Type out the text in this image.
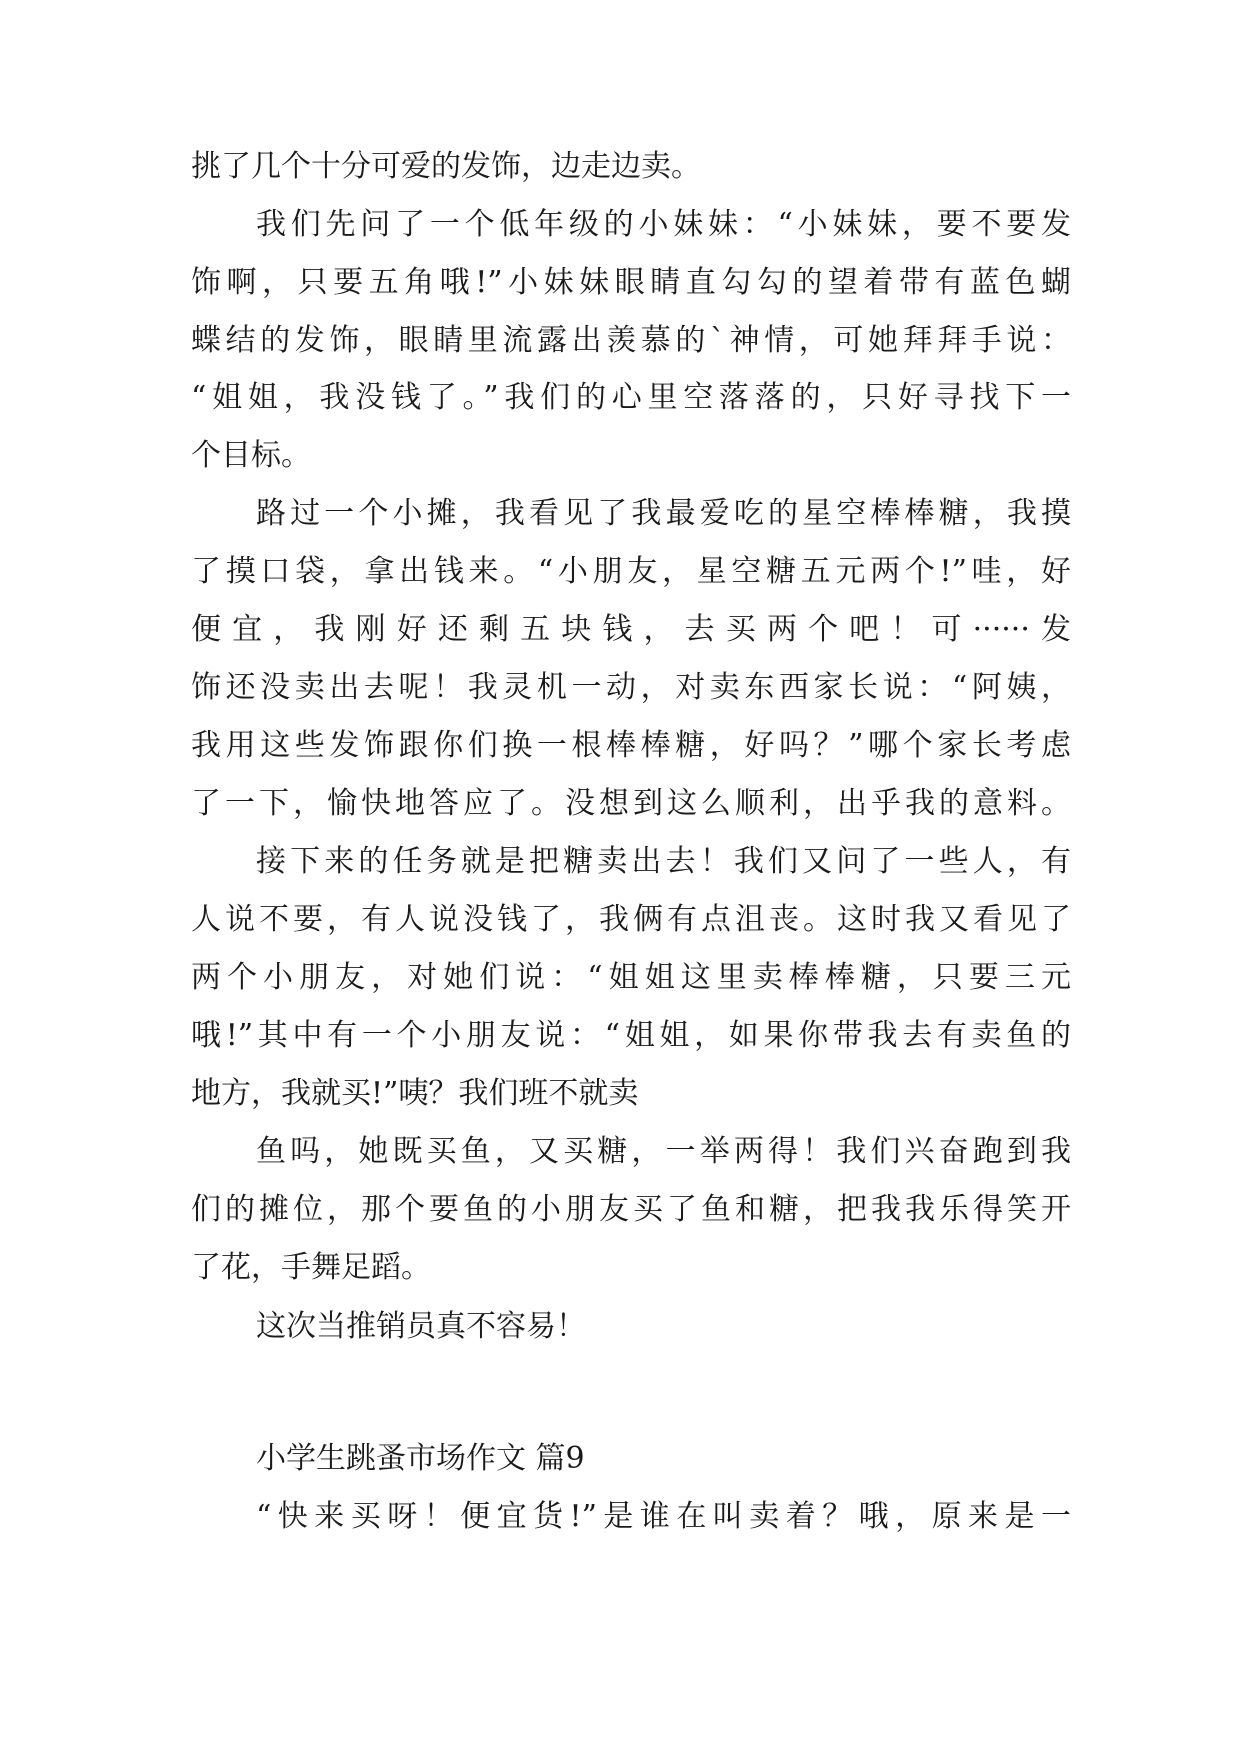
挑了几个十分可爱的发饰，边走边卖。
我们先问了一个低年级的小妹妹：“小妹妹，要不要发
饰啊，只要五角哦!”小妹妹眼睛直勾勾的望着带有蓝色蝴
蝶结的发饰，眼睛里流露出羡慕的`神情，可她拜拜手说：
“姐姐，我没钱了。”我们的心里空落落的，只好寻找下一
个目标。
路过一个小摊，我看见了我最爱吃的星空棒棒糖，我摸
了摸口袋，拿出钱来。“小朋友，星空糖五元两个!”哇，好
便宜，我刚好还剩五块钱，去买两个吧！可······发
饰还没卖出去呢！我灵机一动，对卖东西家长说：“阿姨，
我用这些发饰跟你们换一根棒棒糖，好吗？”哪个家长考虑
了一下，愉快地答应了。没想到这么顺利，出乎我的意料。
接下来的任务就是把糖卖出去！我们又问了一些人，有
人说不要，有人说没钱了，我俩有点沮丧。这时我又看见了
两个小朋友，对她们说：“姐姐这里卖棒棒糖，只要三元
哦!”其中有一个小朋友说：“姐姐，如果你带我去有卖鱼的
地方，我就买!”咦？我们班不就卖
鱼吗，她既买鱼，又买糖，一举两得！我们兴奋跑到我
们的摊位，那个要鱼的小朋友买了鱼和糖，把我我乐得笑开
了花，手舞足蹈。
这次当推销员真不容易！
小学生跳蚤市场作文 篇9
“快来买呀！便宜货!”是谁在叫卖着？哦，原来是一
